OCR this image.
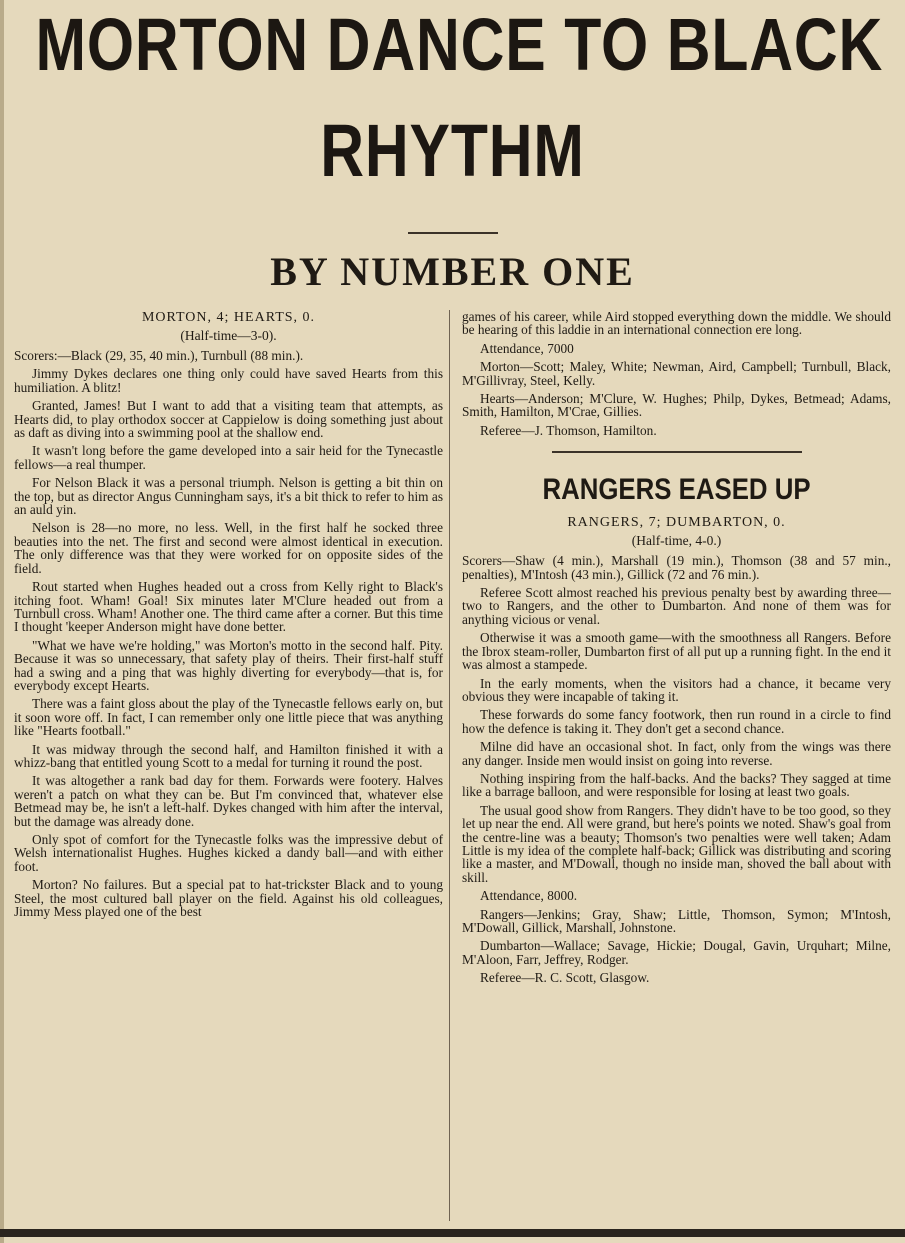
MORTON DANCE TO BLACK
RHYTHM
BY NUMBER ONE
MORTON, 4; HEARTS, 0.
(Half-time—3-0).

Scorers:—Black (29, 35, 40 min.), Turnbull (88 min.).

Jimmy Dykes declares one thing only could have saved Hearts from this humiliation. A blitz!

Granted, James! But I want to add that a visiting team that attempts, as Hearts did, to play orthodox soccer at Cappielow is doing something just about as daft as diving into a swimming pool at the shallow end.

It wasn't long before the game developed into a sair heid for the Tynecastle fellows—a real thumper.

For Nelson Black it was a personal triumph. Nelson is getting a bit thin on the top, but as director Angus Cunningham says, it's a bit thick to refer to him as an auld yin.

Nelson is 28—no more, no less. Well, in the first half he socked three beauties into the net. The first and second were almost identical in execution. The only difference was that they were worked for on opposite sides of the field.

Rout started when Hughes headed out a cross from Kelly right to Black's itching foot. Wham! Goal! Six minutes later M'Clure headed out from a Turnbull cross. Wham! Another one. The third came after a corner. But this time I thought 'keeper Anderson might have done better.

"What we have we're holding," was Morton's motto in the second half. Pity. Because it was so unnecessary, that safety play of theirs. Their first-half stuff had a swing and a ping that was highly diverting for everybody—that is, for everybody except Hearts.

There was a faint gloss about the play of the Tynecastle fellows early on, but it soon wore off. In fact, I can remember only one little piece that was anything like "Hearts football."

It was midway through the second half, and Hamilton finished it with a whizz-bang that entitled young Scott to a medal for turning it round the post.

It was altogether a rank bad day for them. Forwards were footery. Halves weren't a patch on what they can be. But I'm convinced that, whatever else Betmead may be, he isn't a left-half. Dykes changed with him after the interval, but the damage was already done.

Only spot of comfort for the Tynecastle folks was the impressive debut of Welsh internationalist Hughes. Hughes kicked a dandy ball—and with either foot.

Morton? No failures. But a special pat to hat-trickster Black and to young Steel, the most cultured ball player on the field. Against his old colleagues, Jimmy Mess played one of the best

games of his career, while Aird stopped everything down the middle. We should be hearing of this laddie in an international connection ere long.

Attendance, 7000

Morton—Scott; Maley, White; Newman, Aird, Campbell; Turnbull, Black, M'Gillivray, Steel, Kelly.

Hearts—Anderson; M'Clure, W. Hughes; Philp, Dykes, Betmead; Adams, Smith, Hamilton, M'Crae, Gillies.

Referee—J. Thomson, Hamilton.

RANGERS EASED UP
RANGERS, 7; DUMBARTON, 0.
(Half-time, 4-0.)

Scorers—Shaw (4 min.), Marshall (19 min.), Thomson (38 and 57 min., penalties), M'Intosh (43 min.), Gillick (72 and 76 min.).

Referee Scott almost reached his previous penalty best by awarding three—two to Rangers, and the other to Dumbarton. And none of them was for anything vicious or venal.

Otherwise it was a smooth game—with the smoothness all Rangers. Before the Ibrox steam-roller, Dumbarton first of all put up a running fight. In the end it was almost a stampede.

In the early moments, when the visitors had a chance, it became very obvious they were incapable of taking it.

These forwards do some fancy footwork, then run round in a circle to find how the defence is taking it. They don't get a second chance.

Milne did have an occasional shot. In fact, only from the wings was there any danger. Inside men would insist on going into reverse.

Nothing inspiring from the half-backs. And the backs? They sagged at time like a barrage balloon, and were responsible for losing at least two goals.

The usual good show from Rangers. They didn't have to be too good, so they let up near the end. All were grand, but here's points we noted. Shaw's goal from the centre-line was a beauty; Thomson's two penalties were well taken; Adam Little is my idea of the complete half-back; Gillick was distributing and scoring like a master, and M'Dowall, though no inside man, shoved the ball about with skill.

Attendance, 8000.

Rangers—Jenkins; Gray, Shaw; Little, Thomson, Symon; M'Intosh, M'Dowall, Gillick, Marshall, Johnstone.

Dumbarton—Wallace; Savage, Hickie; Dougal, Gavin, Urquhart; Milne, M'Aloon, Farr, Jeffrey, Rodger.

Referee—R. C. Scott, Glasgow.
